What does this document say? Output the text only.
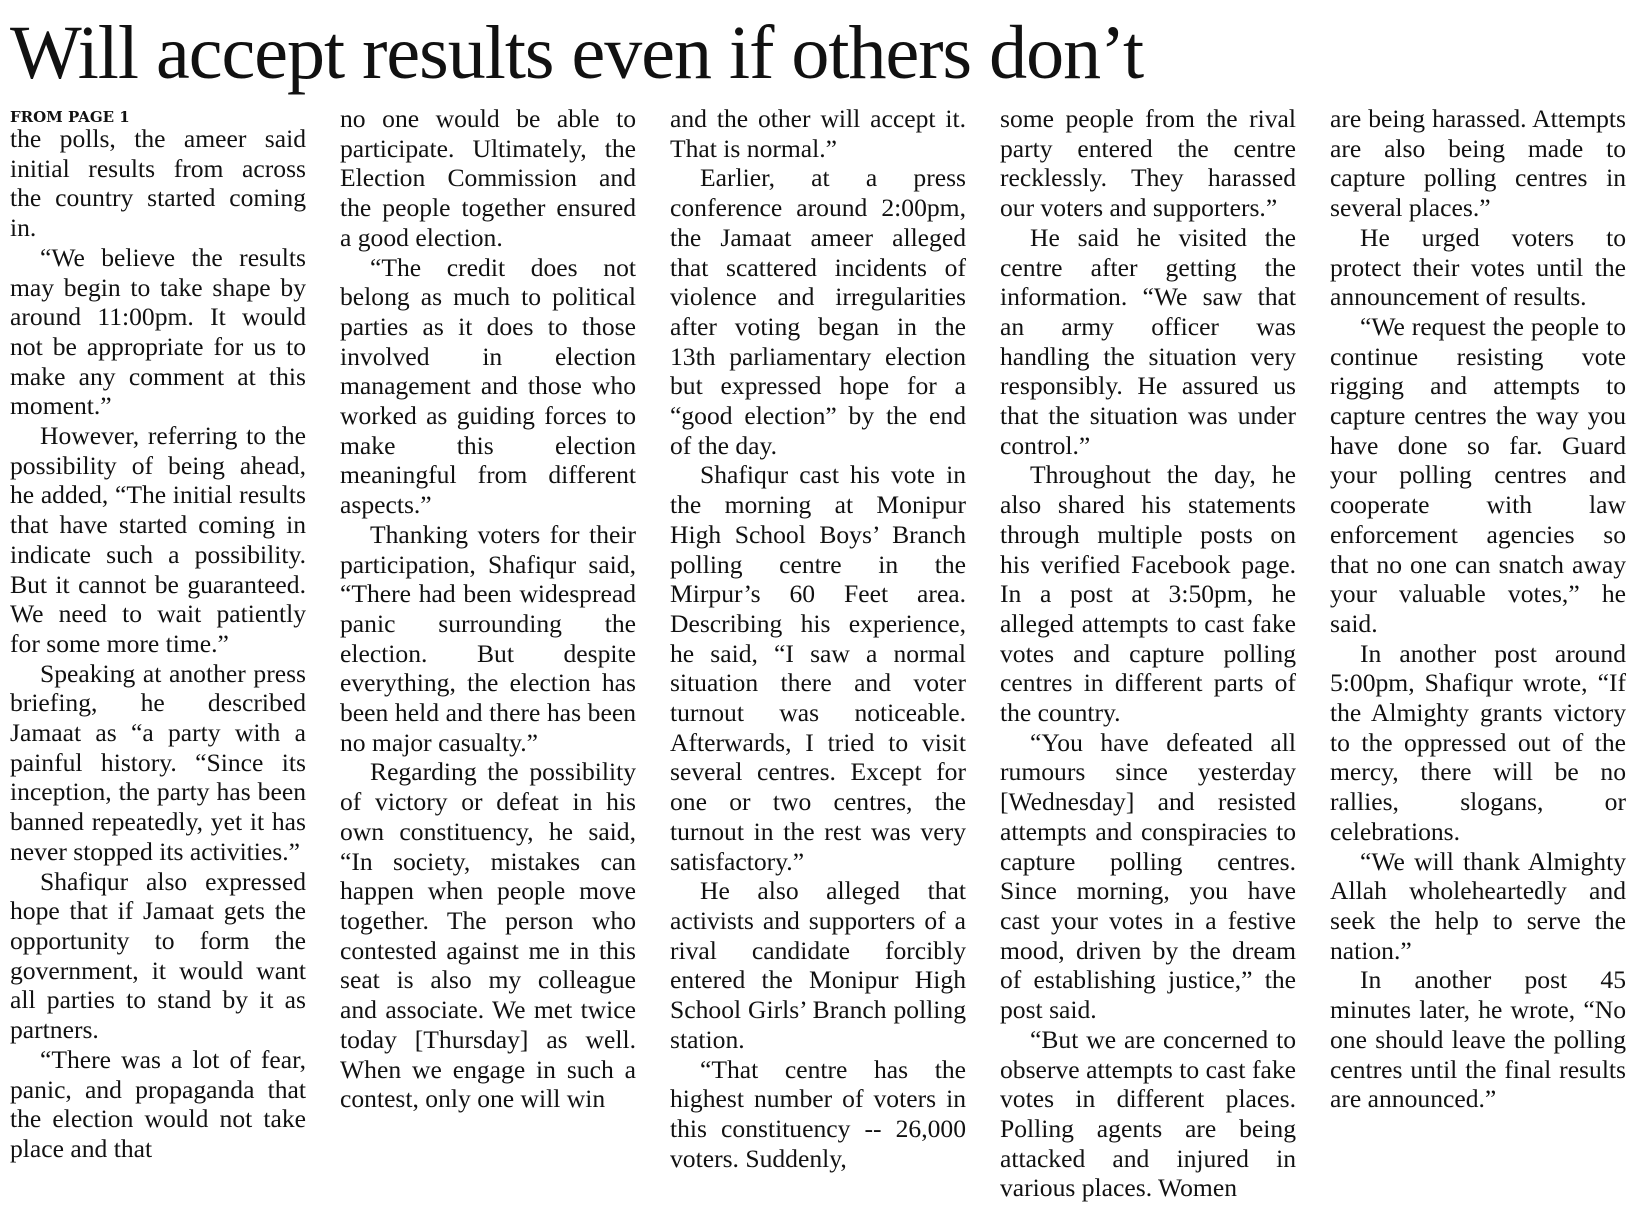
Will accept results even if others don’t
FROM PAGE 1

the polls, the ameer said initial results from across the country started coming in.

“We believe the results may begin to take shape by around 11:00pm. It would not be appropriate for us to make any comment at this moment.”

However, referring to the possibility of being ahead, he added, “The initial results that have started coming in indicate such a possibility. But it cannot be guaranteed. We need to wait patiently for some more time.”

Speaking at another press briefing, he described Jamaat as “a party with a painful history. “Since its inception, the party has been banned repeatedly, yet it has never stopped its activities.”

Shafiqur also expressed hope that if Jamaat gets the opportunity to form the government, it would want all parties to stand by it as partners.

“There was a lot of fear, panic, and propaganda that the election would not take place and that

no one would be able to participate. Ultimately, the Election Commission and the people together ensured a good election.

“The credit does not belong as much to political parties as it does to those involved in election management and those who worked as guiding forces to make this election meaningful from different aspects.”

Thanking voters for their participation, Shafiqur said, “There had been widespread panic surrounding the election. But despite everything, the election has been held and there has been no major casualty.”

Regarding the possibility of victory or defeat in his own constituency, he said, “In society, mistakes can happen when people move together. The person who contested against me in this seat is also my colleague and associate. We met twice today [Thursday] as well. When we engage in such a contest, only one will win

and the other will accept it. That is normal.”

Earlier, at a press conference around 2:00pm, the Jamaat ameer alleged that scattered incidents of violence and irregularities after voting began in the 13th parliamentary election but expressed hope for a “good election” by the end of the day.

Shafiqur cast his vote in the morning at Monipur High School Boys’ Branch polling centre in the Mirpur’s 60 Feet area. Describing his experience, he said, “I saw a normal situation there and voter turnout was noticeable. Afterwards, I tried to visit several centres. Except for one or two centres, the turnout in the rest was very satisfactory.”

He also alleged that activists and supporters of a rival candidate forcibly entered the Monipur High School Girls’ Branch polling station.

“That centre has the highest number of voters in this constituency -- 26,000 voters. Suddenly,

some people from the rival party entered the centre recklessly. They harassed our voters and supporters.”

He said he visited the centre after getting the information. “We saw that an army officer was handling the situation very responsibly. He assured us that the situation was under control.”

Throughout the day, he also shared his statements through multiple posts on his verified Facebook page. In a post at 3:50pm, he alleged attempts to cast fake votes and capture polling centres in different parts of the country.

“You have defeated all rumours since yesterday [Wednesday] and resisted attempts and conspiracies to capture polling centres. Since morning, you have cast your votes in a festive mood, driven by the dream of establishing justice,” the post said.

“But we are concerned to observe attempts to cast fake votes in different places. Polling agents are being attacked and injured in various places. Women

are being harassed. Attempts are also being made to capture polling centres in several places.”

He urged voters to protect their votes until the announcement of results.

“We request the people to continue resisting vote rigging and attempts to capture centres the way you have done so far. Guard your polling centres and cooperate with law enforcement agencies so that no one can snatch away your valuable votes,” he said.

In another post around 5:00pm, Shafiqur wrote, “If the Almighty grants victory to the oppressed out of the mercy, there will be no rallies, slogans, or celebrations.

“We will thank Almighty Allah wholeheartedly and seek the help to serve the nation.”

In another post 45 minutes later, he wrote, “No one should leave the polling centres until the final results are announced.”
